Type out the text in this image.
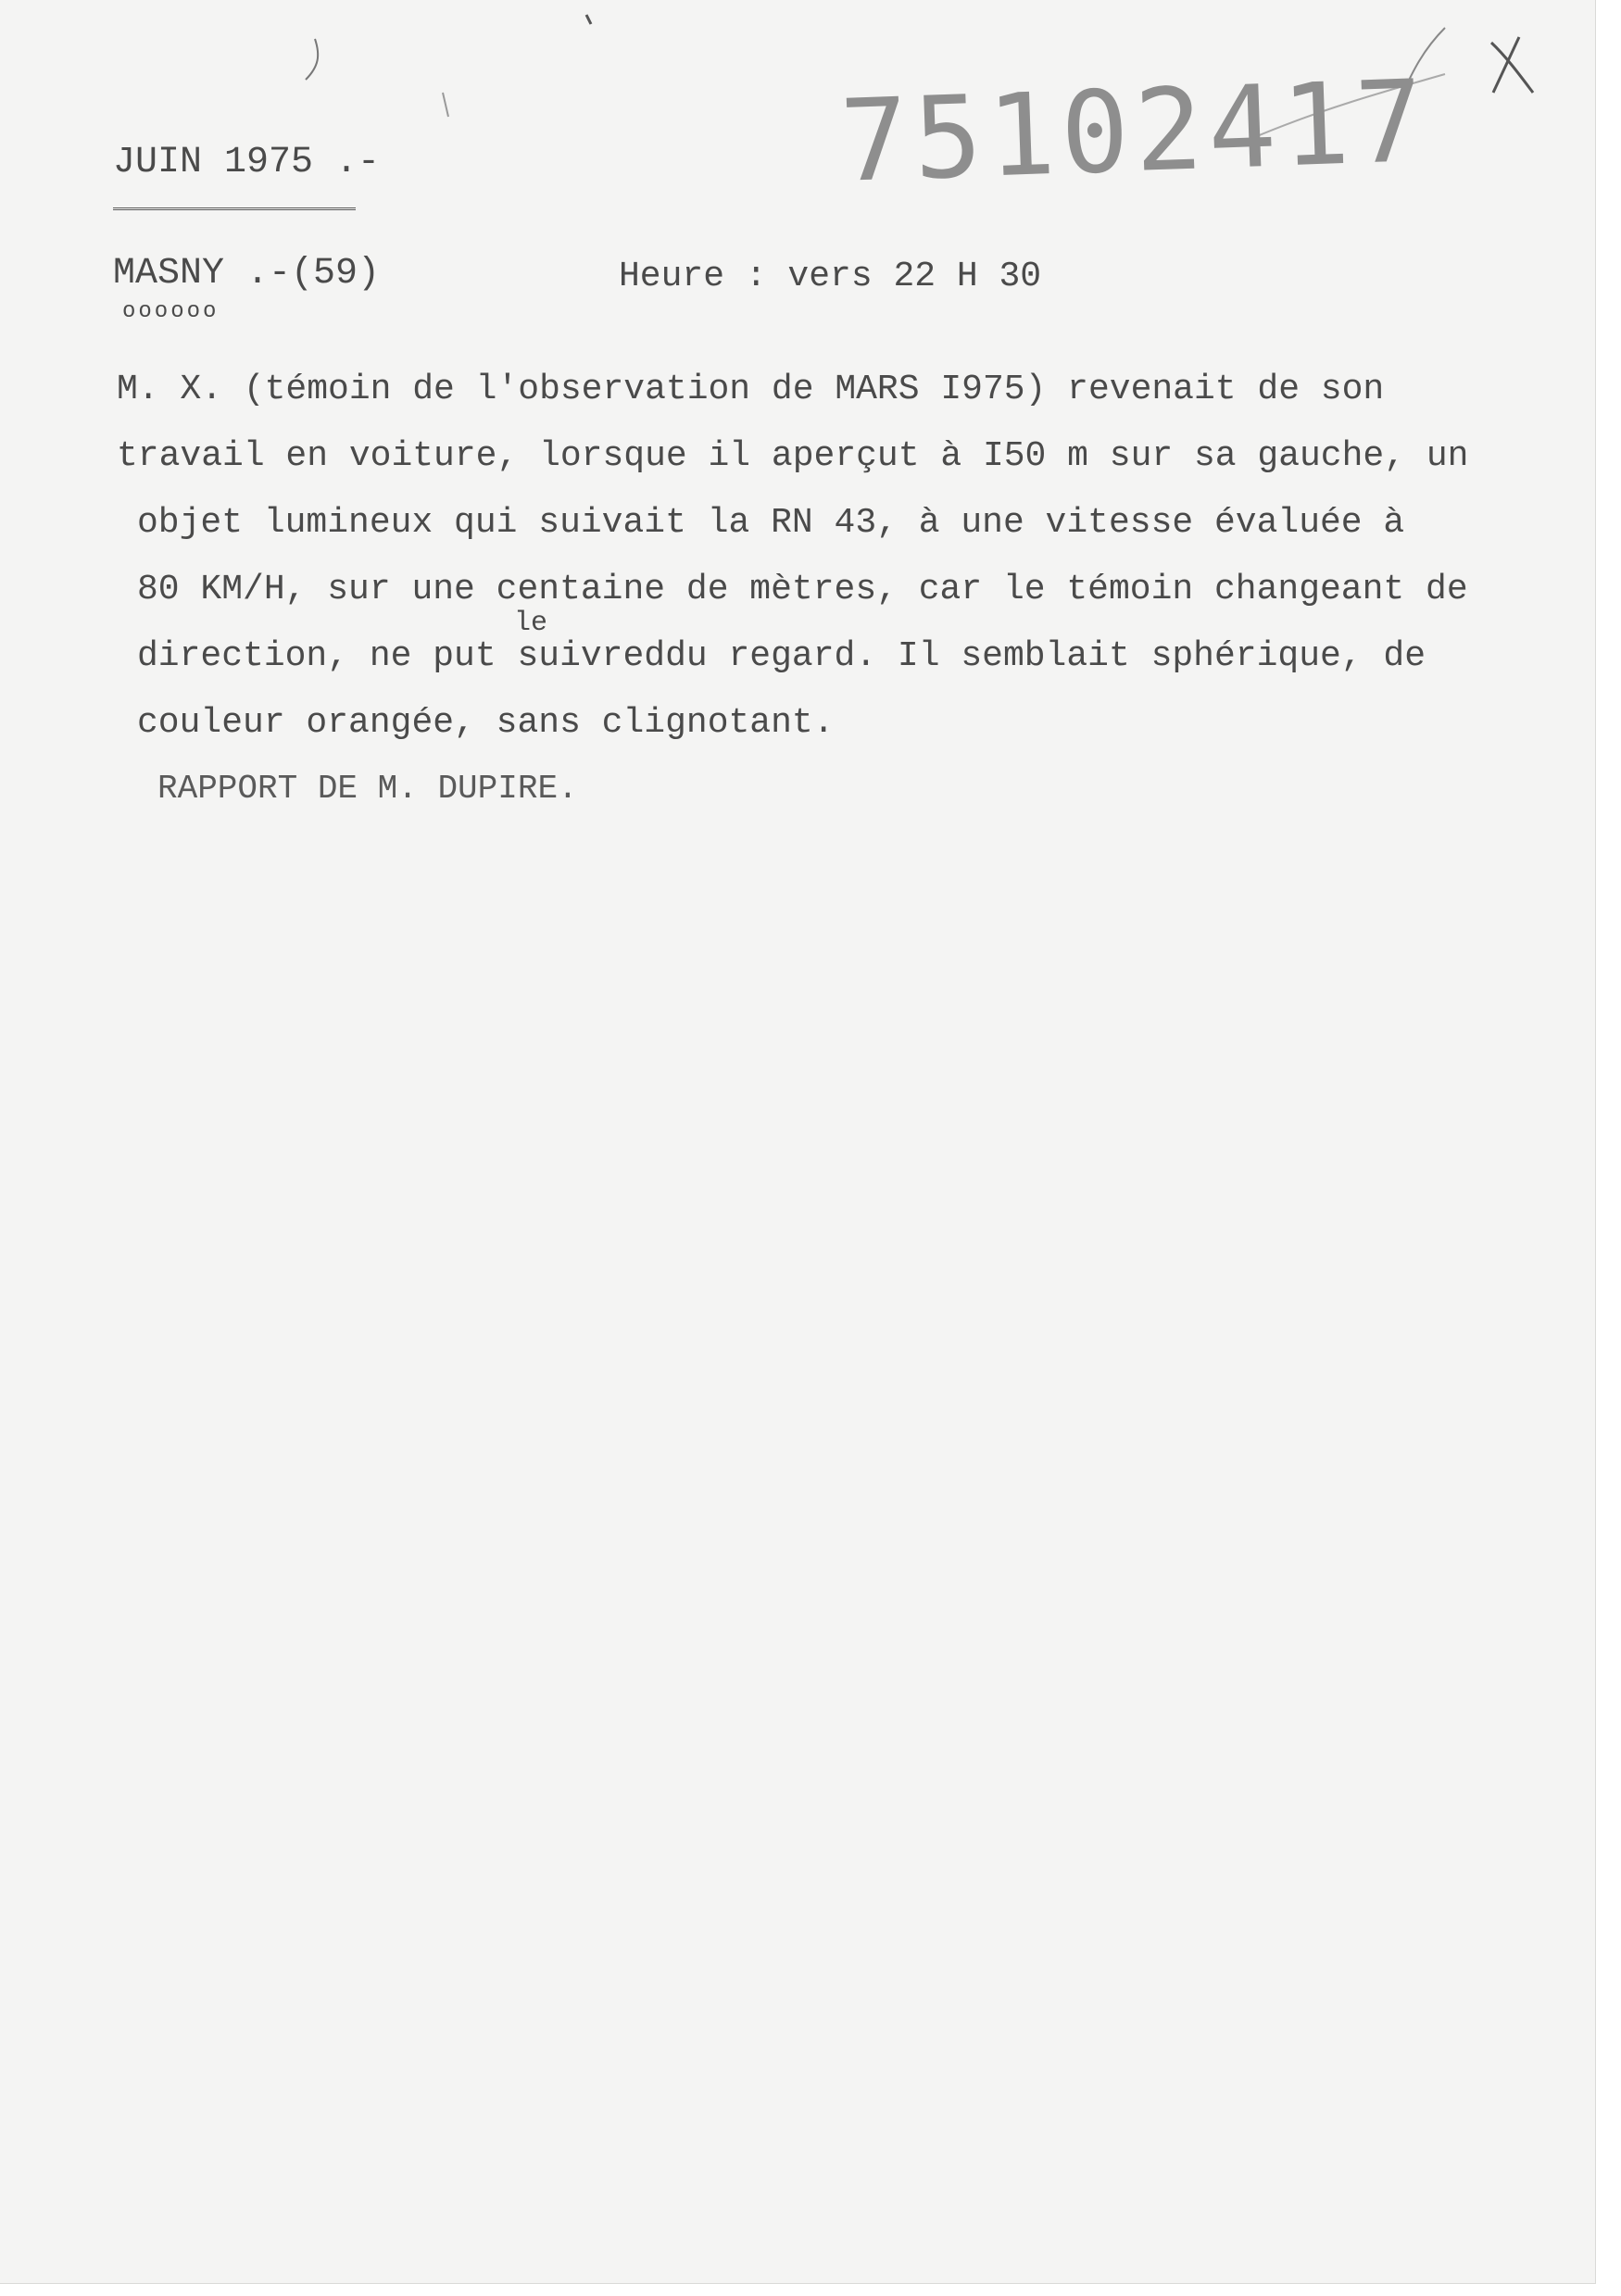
75102417
JUIN 1975 .-
MASNY .-(59)
oooooo
Heure : vers 22 H 30
M. X. (témoin de l'observation de MARS I975) revenait de son
travail en voiture, lorsque il aperçut à I50 m sur sa gauche, un
objet lumineux qui suivait la RN 43, à une vitesse évaluée à
80 KM/H, sur une centaine de mètres, car le témoin changeant de
le
direction, ne put suivreddu regard. Il semblait sphérique, de
couleur orangée, sans clignotant.
RAPPORT DE M. DUPIRE.
